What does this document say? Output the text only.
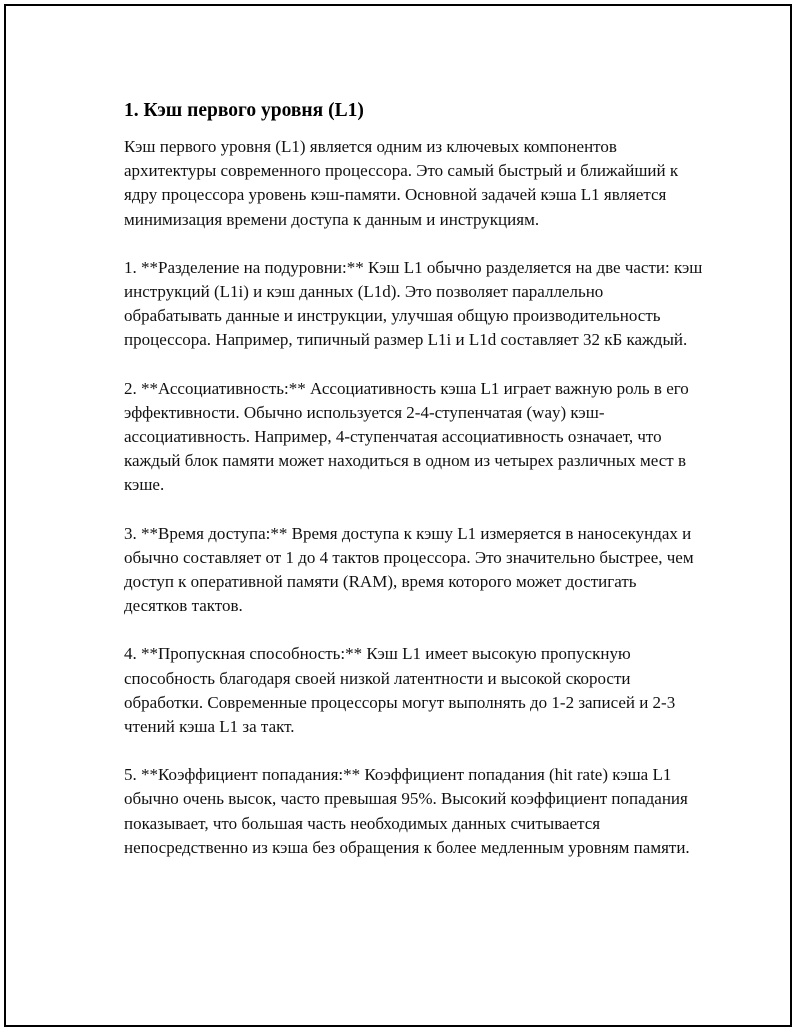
1. Кэш первого уровня (L1)

Кэш первого уровня (L1) является одним из ключевых компонентов архитектуры современного процессора. Это самый быстрый и ближайший к ядру процессора уровень кэш-памяти. Основной задачей кэша L1 является минимизация времени доступа к данным и инструкциям.

1. **Разделение на подуровни:** Кэш L1 обычно разделяется на две части: кэш инструкций (L1i) и кэш данных (L1d). Это позволяет параллельно обрабатывать данные и инструкции, улучшая общую производительность процессора. Например, типичный размер L1i и L1d составляет 32 кБ каждый.

2. **Ассоциативность:** Ассоциативность кэша L1 играет важную роль в его эффективности. Обычно используется 2-4-ступенчатая (way) кэш-ассоциативность. Например, 4-ступенчатая ассоциативность означает, что каждый блок памяти может находиться в одном из четырех различных мест в кэше.

3. **Время доступа:** Время доступа к кэшу L1 измеряется в наносекундах и обычно составляет от 1 до 4 тактов процессора. Это значительно быстрее, чем доступ к оперативной памяти (RAM), время которого может достигать десятков тактов.

4. **Пропускная способность:** Кэш L1 имеет высокую пропускную способность благодаря своей низкой латентности и высокой скорости обработки. Современные процессоры могут выполнять до 1-2 записей и 2-3 чтений кэша L1 за такт.

5. **Коэффициент попадания:** Коэффициент попадания (hit rate) кэша L1 обычно очень высок, часто превышая 95%. Высокий коэффициент попадания показывает, что большая часть необходимых данных считывается непосредственно из кэша без обращения к более медленным уровням памяти.
